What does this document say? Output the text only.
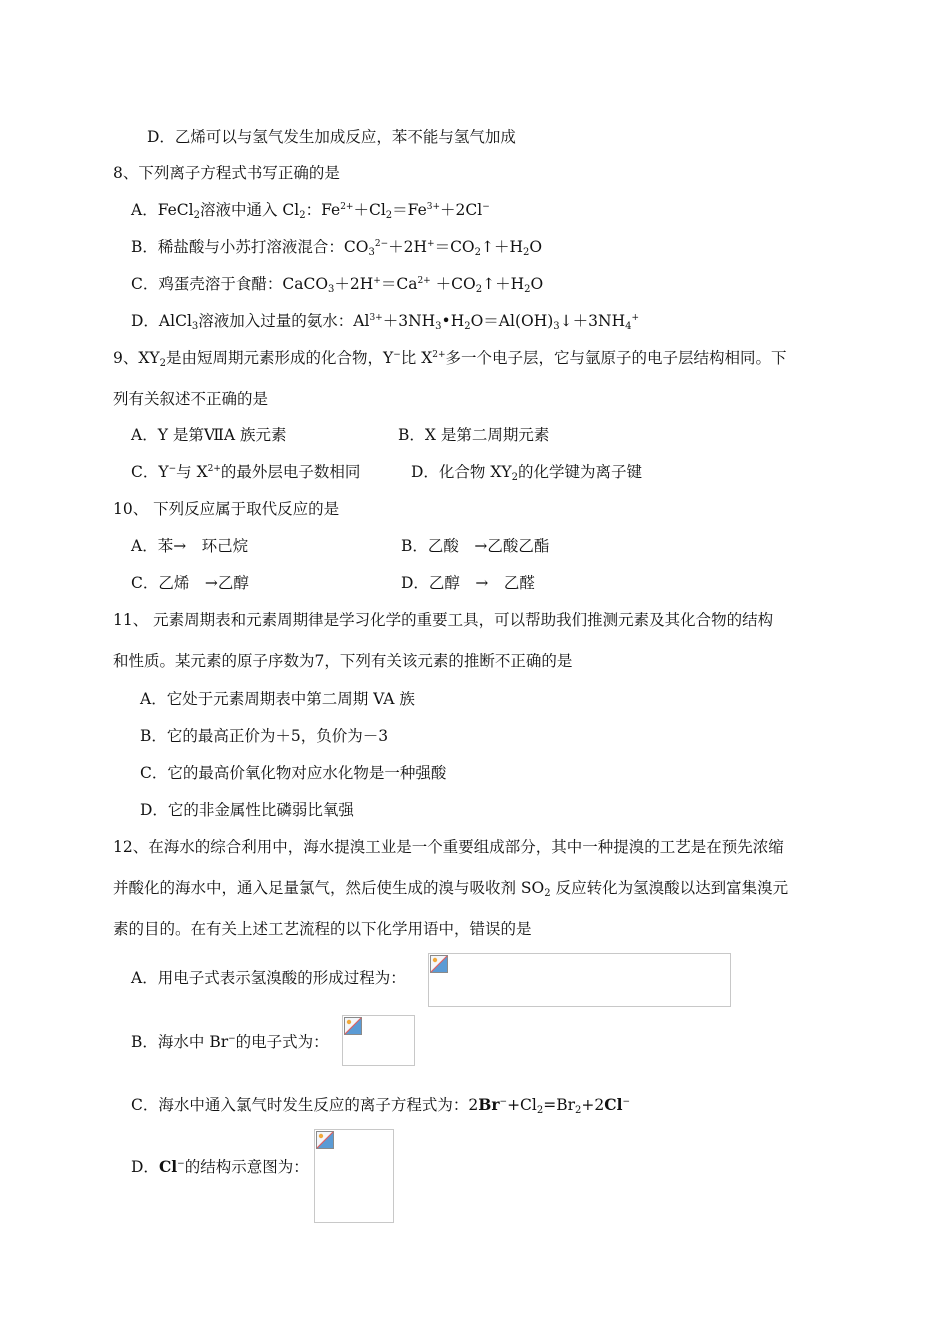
D．乙烯可以与氢气发生加成反应，苯不能与氢气加成
8、下列离子方程式书写正确的是
A．FeCl$_2$溶液中通入 $Cl_2$：$Fe^{2+}+Cl_2=Fe^{3+}+2Cl^-$
B．稀盐酸与小苏打溶液混合：$CO_3^{2-}+2H^+=CO_2↑+H_2O$
C．鸡蛋壳溶于食醋：$CaCO_3+2H^+=Ca^{2+}$ $+CO_2↑+H_2O$
D．AlCl$_3$溶液加入过量的氨水：$Al^{3+}+3NH_3•H_2O=Al(OH)_3↓+3NH_4^+$
9、$XY_2$是由短周期元素形成的化合物，Y−比 $X^{2+}$多一个电子层，它与氩原子的电子层结构相同。下
列有关叙述不正确的是
A．Y 是第ⅦA 族元素	B．X 是第二周期元素
C．Y−与 $X^{2+}$的最外层电子数相同	D．化合物 $XY_2$的化学键为离子键
10、 下列反应属于取代反应的是
A．苯→　环己烷	B．乙酸　→乙酸乙酯
C．乙烯　→乙醇	D．乙醇　→　乙醛
11、 元素周期表和元素周期律是学习化学的重要工具，可以帮助我们推测元素及其化合物的结构
和性质。某元素的原子序数为7，下列有关该元素的推断不正确的是
A．它处于元素周期表中第二周期 VA 族
B．它的最高正价为＋5，负价为－3
C．它的最高价氧化物对应水化物是一种强酸
D．它的非金属性比磷弱比氧强
12、在海水的综合利用中，海水提溴工业是一个重要组成部分，其中一种提溴的工艺是在预先浓缩
并酸化的海水中，通入足量氯气，然后使生成的溴与吸收剂 $SO_2$ 反应转化为氢溴酸以达到富集溴元
素的目的。在有关上述工艺流程的以下化学用语中，错误的是
A．用电子式表示氢溴酸的形成过程为：
B．海水中 Br−的电子式为：
C．海水中通入氯气时发生反应的离子方程式为：$2Br^-+Cl_2=Br_2+2Cl^-$
D．Cl−的结构示意图为：
